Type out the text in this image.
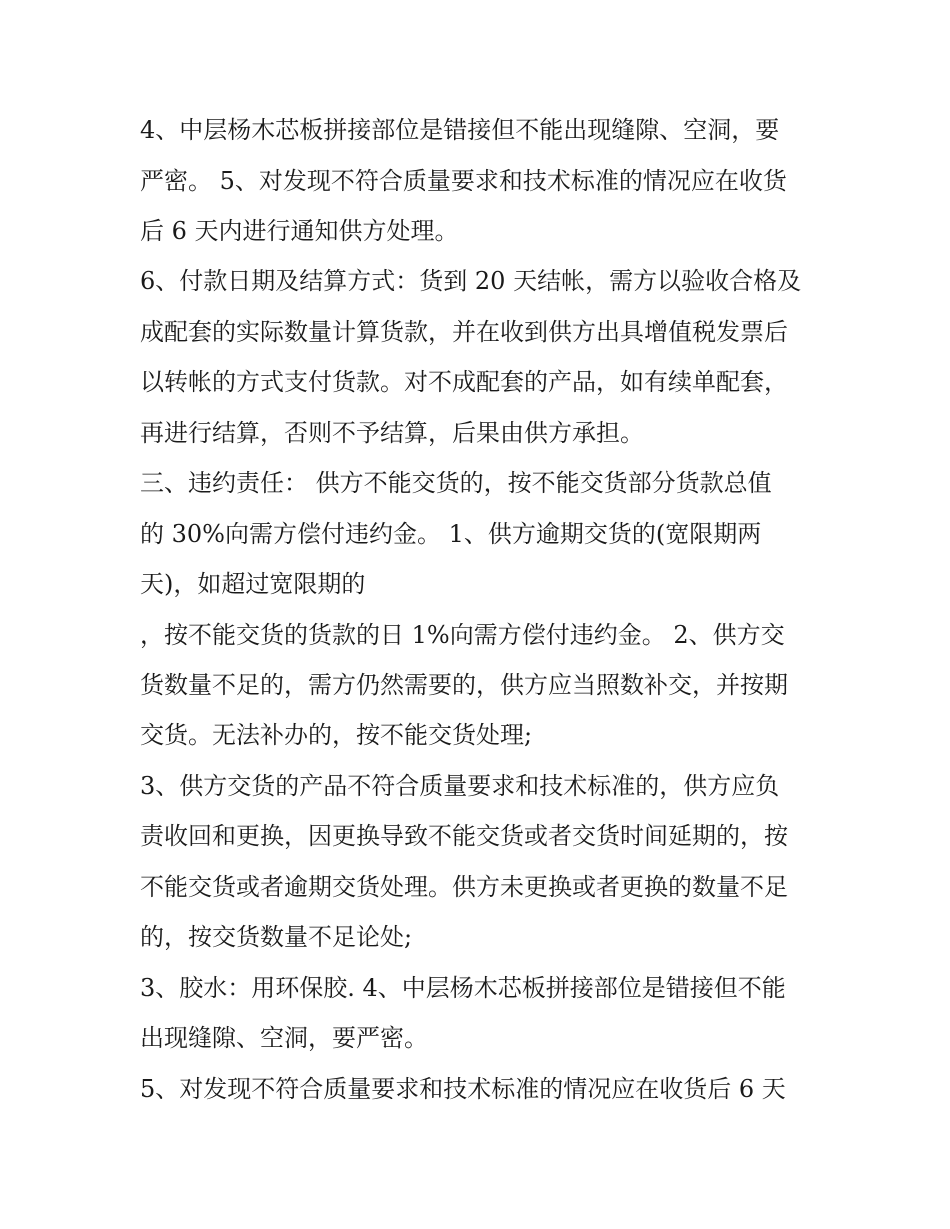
4、中层杨木芯板拼接部位是错接但不能出现缝隙、空洞，要
严密。 5、对发现不符合质量要求和技术标准的情况应在收货
后 6 天内进行通知供方处理。
6、付款日期及结算方式：货到 20 天结帐，需方以验收合格及
成配套的实际数量计算货款，并在收到供方出具增值税发票后
以转帐的方式支付货款。对不成配套的产品，如有续单配套，
再进行结算，否则不予结算，后果由供方承担。
三、违约责任： 供方不能交货的，按不能交货部分货款总值
的 30%向需方偿付违约金。 1、供方逾期交货的(宽限期两
天)，如超过宽限期的
，按不能交货的货款的日 1%向需方偿付违约金。 2、供方交
货数量不足的，需方仍然需要的，供方应当照数补交，并按期
交货。无法补办的，按不能交货处理;
3、供方交货的产品不符合质量要求和技术标准的，供方应负
责收回和更换，因更换导致不能交货或者交货时间延期的，按
不能交货或者逾期交货处理。供方未更换或者更换的数量不足
的，按交货数量不足论处;
3、胶水：用环保胶. 4、中层杨木芯板拼接部位是错接但不能
出现缝隙、空洞，要严密。
5、对发现不符合质量要求和技术标准的情况应在收货后 6 天
